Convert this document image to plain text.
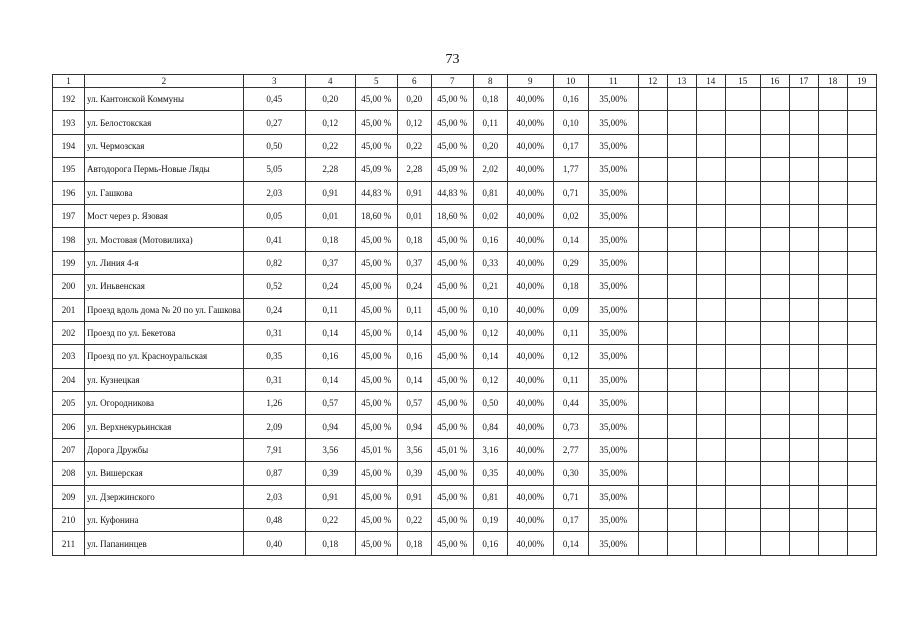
73
1	2	3	4	5	6	7	8	9	10	11	12	13	14	15	16	17	18	19
192	ул. Кантонской Коммуны	0,45	0,20	45,00 %	0,20	45,00 %	0,18	40,00%	0,16	35,00%								
193	ул. Белостокская	0,27	0,12	45,00 %	0,12	45,00 %	0,11	40,00%	0,10	35,00%								
194	ул. Чермозская	0,50	0,22	45,00 %	0,22	45,00 %	0,20	40,00%	0,17	35,00%								
195	Автодорога Пермь-Новые Ляды	5,05	2,28	45,09 %	2,28	45,09 %	2,02	40,00%	1,77	35,00%								
196	ул. Гашкова	2,03	0,91	44,83 %	0,91	44,83 %	0,81	40,00%	0,71	35,00%								
197	Мост через р. Язовая	0,05	0,01	18,60 %	0,01	18,60 %	0,02	40,00%	0,02	35,00%								
198	ул. Мостовая (Мотовилиха)	0,41	0,18	45,00 %	0,18	45,00 %	0,16	40,00%	0,14	35,00%								
199	ул. Линия 4-я	0,82	0,37	45,00 %	0,37	45,00 %	0,33	40,00%	0,29	35,00%								
200	ул. Иньвенская	0,52	0,24	45,00 %	0,24	45,00 %	0,21	40,00%	0,18	35,00%								
201	Проезд вдоль дома № 20 по ул. Гашкова	0,24	0,11	45,00 %	0,11	45,00 %	0,10	40,00%	0,09	35,00%								
202	Проезд по ул. Бекетова	0,31	0,14	45,00 %	0,14	45,00 %	0,12	40,00%	0,11	35,00%								
203	Проезд по ул. Красноуральская	0,35	0,16	45,00 %	0,16	45,00 %	0,14	40,00%	0,12	35,00%								
204	ул. Кузнецкая	0,31	0,14	45,00 %	0,14	45,00 %	0,12	40,00%	0,11	35,00%								
205	ул. Огородникова	1,26	0,57	45,00 %	0,57	45,00 %	0,50	40,00%	0,44	35,00%								
206	ул. Верхнекурьинская	2,09	0,94	45,00 %	0,94	45,00 %	0,84	40,00%	0,73	35,00%								
207	Дорога Дружбы	7,91	3,56	45,01 %	3,56	45,01 %	3,16	40,00%	2,77	35,00%								
208	ул. Вишерская	0,87	0,39	45,00 %	0,39	45,00 %	0,35	40,00%	0,30	35,00%								
209	ул. Дзержинского	2,03	0,91	45,00 %	0,91	45,00 %	0,81	40,00%	0,71	35,00%								
210	ул. Куфонина	0,48	0,22	45,00 %	0,22	45,00 %	0,19	40,00%	0,17	35,00%								
211	ул. Папанинцев	0,40	0,18	45,00 %	0,18	45,00 %	0,16	40,00%	0,14	35,00%								
